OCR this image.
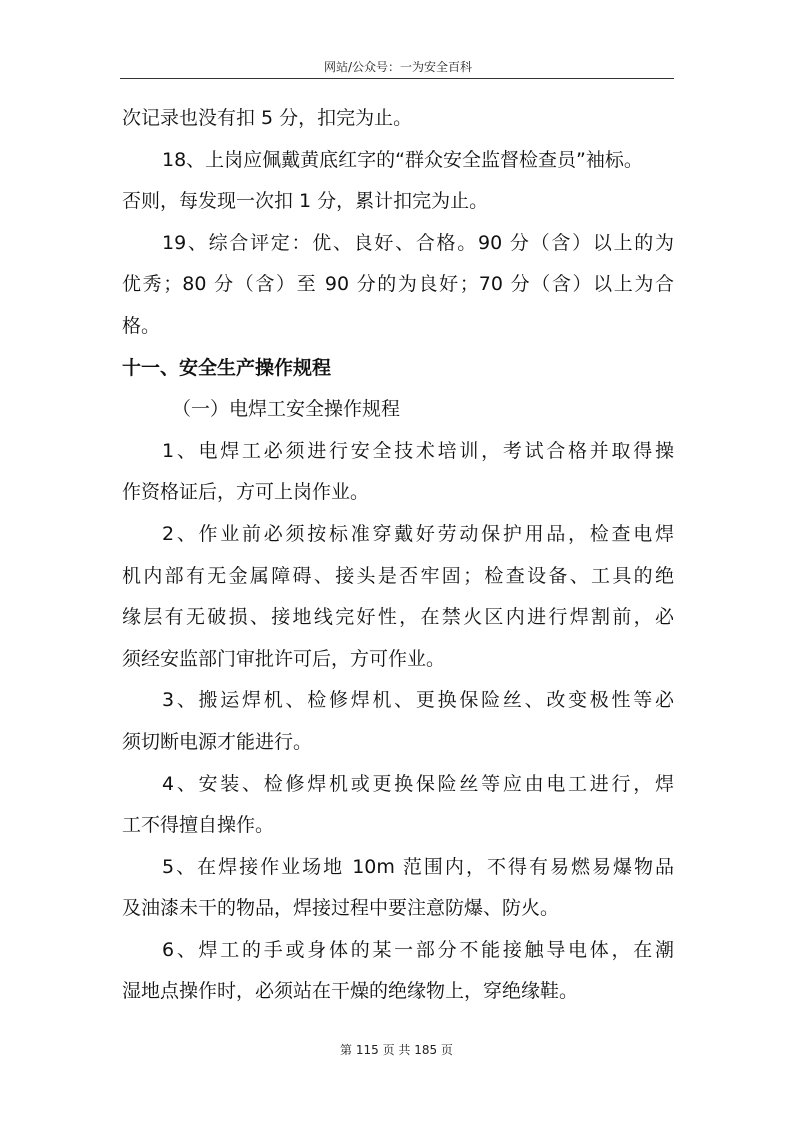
网站/公众号：一为安全百科
次记录也没有扣 5 分，扣完为止。
18、上岗应佩戴黄底红字的“群众安全监督检查员”袖标。
否则，每发现一次扣 1 分，累计扣完为止。
19、综合评定：优、良好、合格。90 分（含）以上的为
优秀；80 分（含）至 90 分的为良好；70 分（含）以上为合
格。
十一、安全生产操作规程
（一）电焊工安全操作规程
1、电焊工必须进行安全技术培训，考试合格并取得操
作资格证后，方可上岗作业。
2、作业前必须按标准穿戴好劳动保护用品，检查电焊
机内部有无金属障碍、接头是否牢固；检查设备、工具的绝
缘层有无破损、接地线完好性，在禁火区内进行焊割前，必
须经安监部门审批许可后，方可作业。
3、搬运焊机、检修焊机、更换保险丝、改变极性等必
须切断电源才能进行。
4、安装、检修焊机或更换保险丝等应由电工进行，焊
工不得擅自操作。
5、在焊接作业场地 10m 范围内，不得有易燃易爆物品
及油漆未干的物品，焊接过程中要注意防爆、防火。
6、焊工的手或身体的某一部分不能接触导电体，在潮
湿地点操作时，必须站在干燥的绝缘物上，穿绝缘鞋。
第 115 页 共 185 页
